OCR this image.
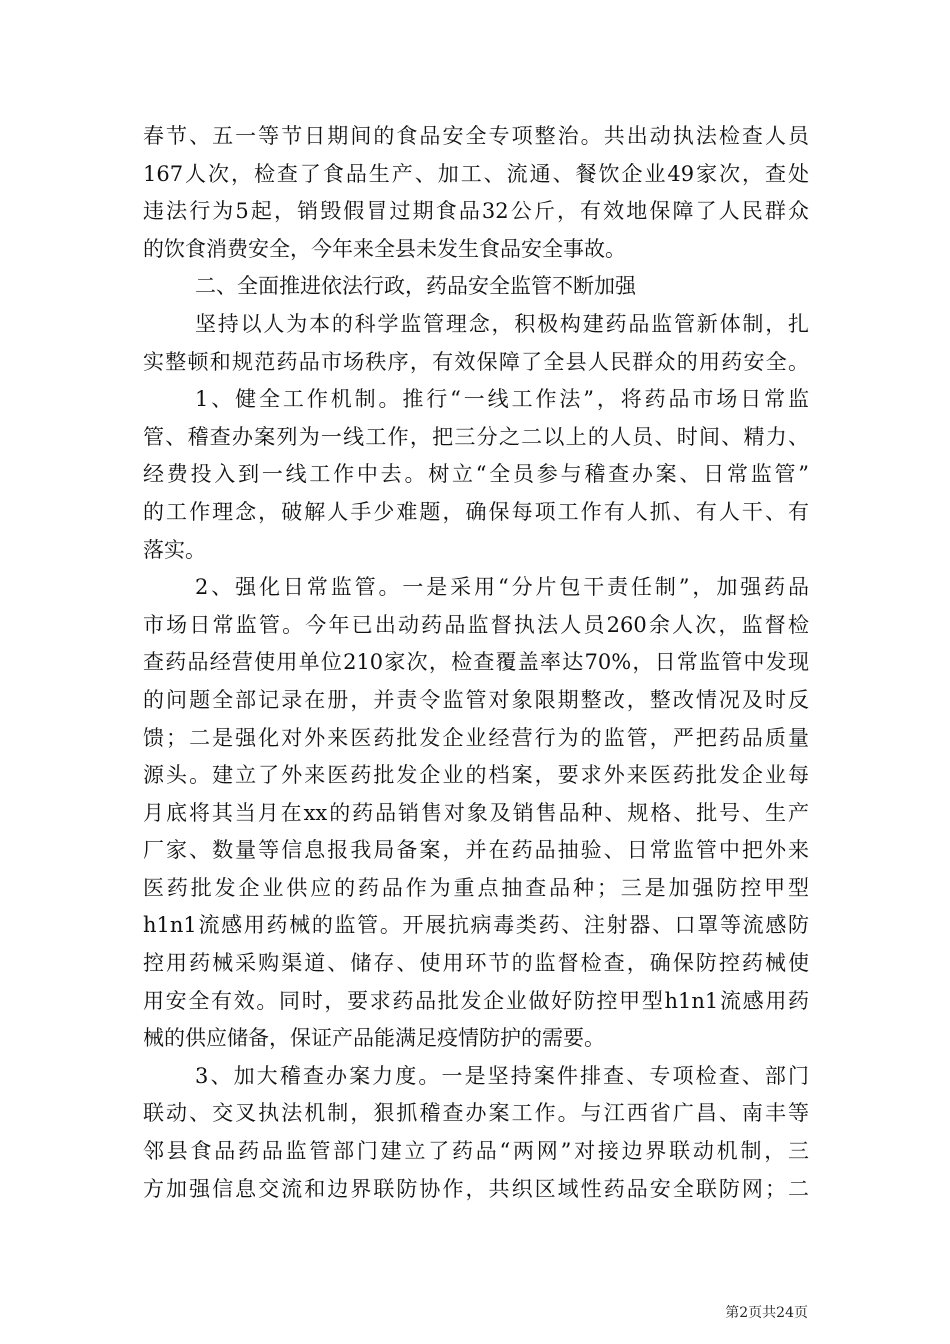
春节、五一等节日期间的食品安全专项整治。共出动执法检查人员
167人次，检查了食品生产、加工、流通、餐饮企业49家次，查处
违法行为5起，销毁假冒过期食品32公斤，有效地保障了人民群众
的饮食消费安全，今年来全县未发生食品安全事故。
二、全面推进依法行政，药品安全监管不断加强
坚持以人为本的科学监管理念，积极构建药品监管新体制，扎
实整顿和规范药品市场秩序，有效保障了全县人民群众的用药安全。
1、健全工作机制。推行“一线工作法”，将药品市场日常监
管、稽查办案列为一线工作，把三分之二以上的人员、时间、精力、
经费投入到一线工作中去。树立“全员参与稽查办案、日常监管”
的工作理念，破解人手少难题，确保每项工作有人抓、有人干、有
落实。
2、强化日常监管。一是采用“分片包干责任制”，加强药品
市场日常监管。今年已出动药品监督执法人员260余人次，监督检
查药品经营使用单位210家次，检查覆盖率达70%，日常监管中发现
的问题全部记录在册，并责令监管对象限期整改，整改情况及时反
馈；二是强化对外来医药批发企业经营行为的监管，严把药品质量
源头。建立了外来医药批发企业的档案，要求外来医药批发企业每
月底将其当月在xx的药品销售对象及销售品种、规格、批号、生产
厂家、数量等信息报我局备案，并在药品抽验、日常监管中把外来
医药批发企业供应的药品作为重点抽查品种；三是加强防控甲型
h1n1流感用药械的监管。开展抗病毒类药、注射器、口罩等流感防
控用药械采购渠道、储存、使用环节的监督检查，确保防控药械使
用安全有效。同时，要求药品批发企业做好防控甲型h1n1流感用药
械的供应储备，保证产品能满足疫情防护的需要。
3、加大稽查办案力度。一是坚持案件排查、专项检查、部门
联动、交叉执法机制，狠抓稽查办案工作。与江西省广昌、南丰等
邻县食品药品监管部门建立了药品“两网”对接边界联动机制，三
方加强信息交流和边界联防协作，共织区域性药品安全联防网；二
第2页共24页
